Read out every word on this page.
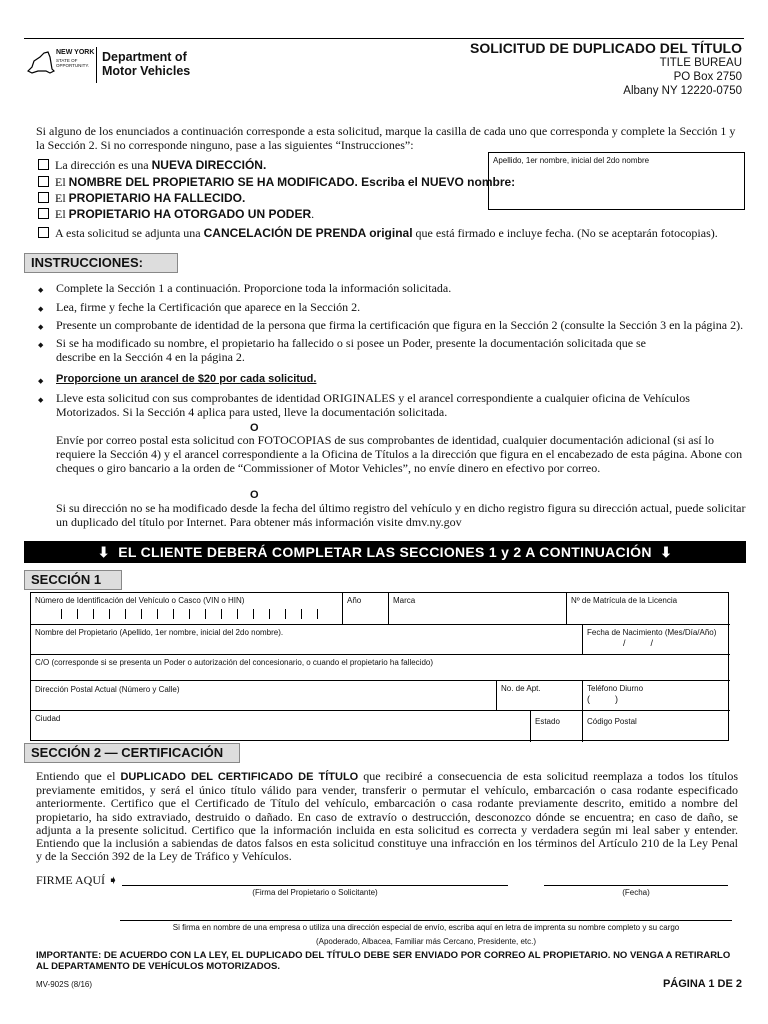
NEW YORK
STATE OF OPPORTUNITY.
Department of Motor Vehicles
SOLICITUD DE DUPLICADO DEL TÍTULO
TITLE BUREAU
PO Box 2750
Albany NY 12220-0750
Si alguno de los enunciados a continuación corresponde a esta solicitud, marque la casilla de cada uno que corresponda y complete la Sección 1 y la Sección 2. Si no corresponde ninguno, pase a las siguientes “Instrucciones”:
La dirección es una NUEVA DIRECCIÓN.
El NOMBRE DEL PROPIETARIO SE HA MODIFICADO. Escriba el NUEVO nombre:
El PROPIETARIO HA FALLECIDO.
El PROPIETARIO HA OTORGADO UN PODER.
A esta solicitud se adjunta una CANCELACIÓN DE PRENDA original que está firmado e incluye fecha. (No se aceptarán fotocopias).
Apellido, 1er nombre, inicial del 2do nombre
INSTRUCCIONES:
◆ Complete la Sección 1 a continuación. Proporcione toda la información solicitada.
◆ Lea, firme y feche la Certificación que aparece en la Sección 2.
◆ Presente un comprobante de identidad de la persona que firma la certificación que figura en la Sección 2 (consulte la Sección 3 en la página 2).
◆ Si se ha modificado su nombre, el propietario ha fallecido o si posee un Poder, presente la documentación solicitada que se describe en la Sección 4 en la página 2.
◆ Proporcione un arancel de $20 por cada solicitud.
◆ Lleve esta solicitud con sus comprobantes de identidad ORIGINALES y el arancel correspondiente a cualquier oficina de Vehículos Motorizados. Si la Sección 4 aplica para usted, lleve la documentación solicitada.
O
Envíe por correo postal esta solicitud con FOTOCOPIAS de sus comprobantes de identidad, cualquier documentación adicional (si así lo requiere la Sección 4) y el arancel correspondiente a la Oficina de Títulos a la dirección que figura en el encabezado de esta página. Abone con cheques o giro bancario a la orden de “Commissioner of Motor Vehicles”, no envíe dinero en efectivo por correo.
O
Si su dirección no se ha modificado desde la fecha del último registro del vehículo y en dicho registro figura su dirección actual, puede solicitar un duplicado del título por Internet. Para obtener más información visite dmv.ny.gov
⬇ EL CLIENTE DEBERÁ COMPLETAR LAS SECCIONES 1 y 2 A CONTINUACIÓN ⬇
SECCIÓN 1
Número de Identificación del Vehículo o Casco (VIN o HIN)	Año	Marca	Nº de Matrícula de la Licencia
Nombre del Propietario (Apellido, 1er nombre, inicial del 2do nombre).	Fecha de Nacimiento (Mes/Día/Año)
/          /
C/O (corresponde si se presenta un Poder o autorización del concesionario, o cuando el propietario ha fallecido)
Dirección Postal Actual (Número y Calle)	No. de Apt.	Teléfono Diurno
(          )
Ciudad	Estado	Código Postal
SECCIÓN 2 — CERTIFICACIÓN
Entiendo que el DUPLICADO DEL CERTIFICADO DE TÍTULO que recibiré a consecuencia de esta solicitud reemplaza a todos los títulos previamente emitidos, y será el único título válido para vender, transferir o permutar el vehículo, embarcación o casa rodante especificado anteriormente. Certifico que el Certificado de Título del vehículo, embarcación o casa rodante previamente descrito, emitido a nombre del propietario, ha sido extraviado, destruido o dañado. En caso de extravío o destrucción, desconozco dónde se encuentra; en caso de daño, se adjunta a la presente solicitud. Certifico que la información incluida en esta solicitud es correcta y verdadera según mi leal saber y entender. Entiendo que la inclusión a sabiendas de datos falsos en esta solicitud constituye una infracción en los términos del Artículo 210 de la Ley Penal y de la Sección 392 de la Ley de Tráfico y Vehículos.
FIRME AQUÍ ➧
(Firma del Propietario o Solicitante)	(Fecha)
Si firma en nombre de una empresa o utiliza una dirección especial de envío, escriba aquí en letra de imprenta su nombre completo y su cargo
(Apoderado, Albacea, Familiar más Cercano, Presidente, etc.)
IMPORTANTE: DE ACUERDO CON LA LEY, EL DUPLICADO DEL TÍTULO DEBE SER ENVIADO POR CORREO AL PROPIETARIO. NO VENGA A RETIRARLO AL DEPARTAMENTO DE VEHÍCULOS MOTORIZADOS.
MV-902S (8/16)	PÁGINA 1 DE 2
